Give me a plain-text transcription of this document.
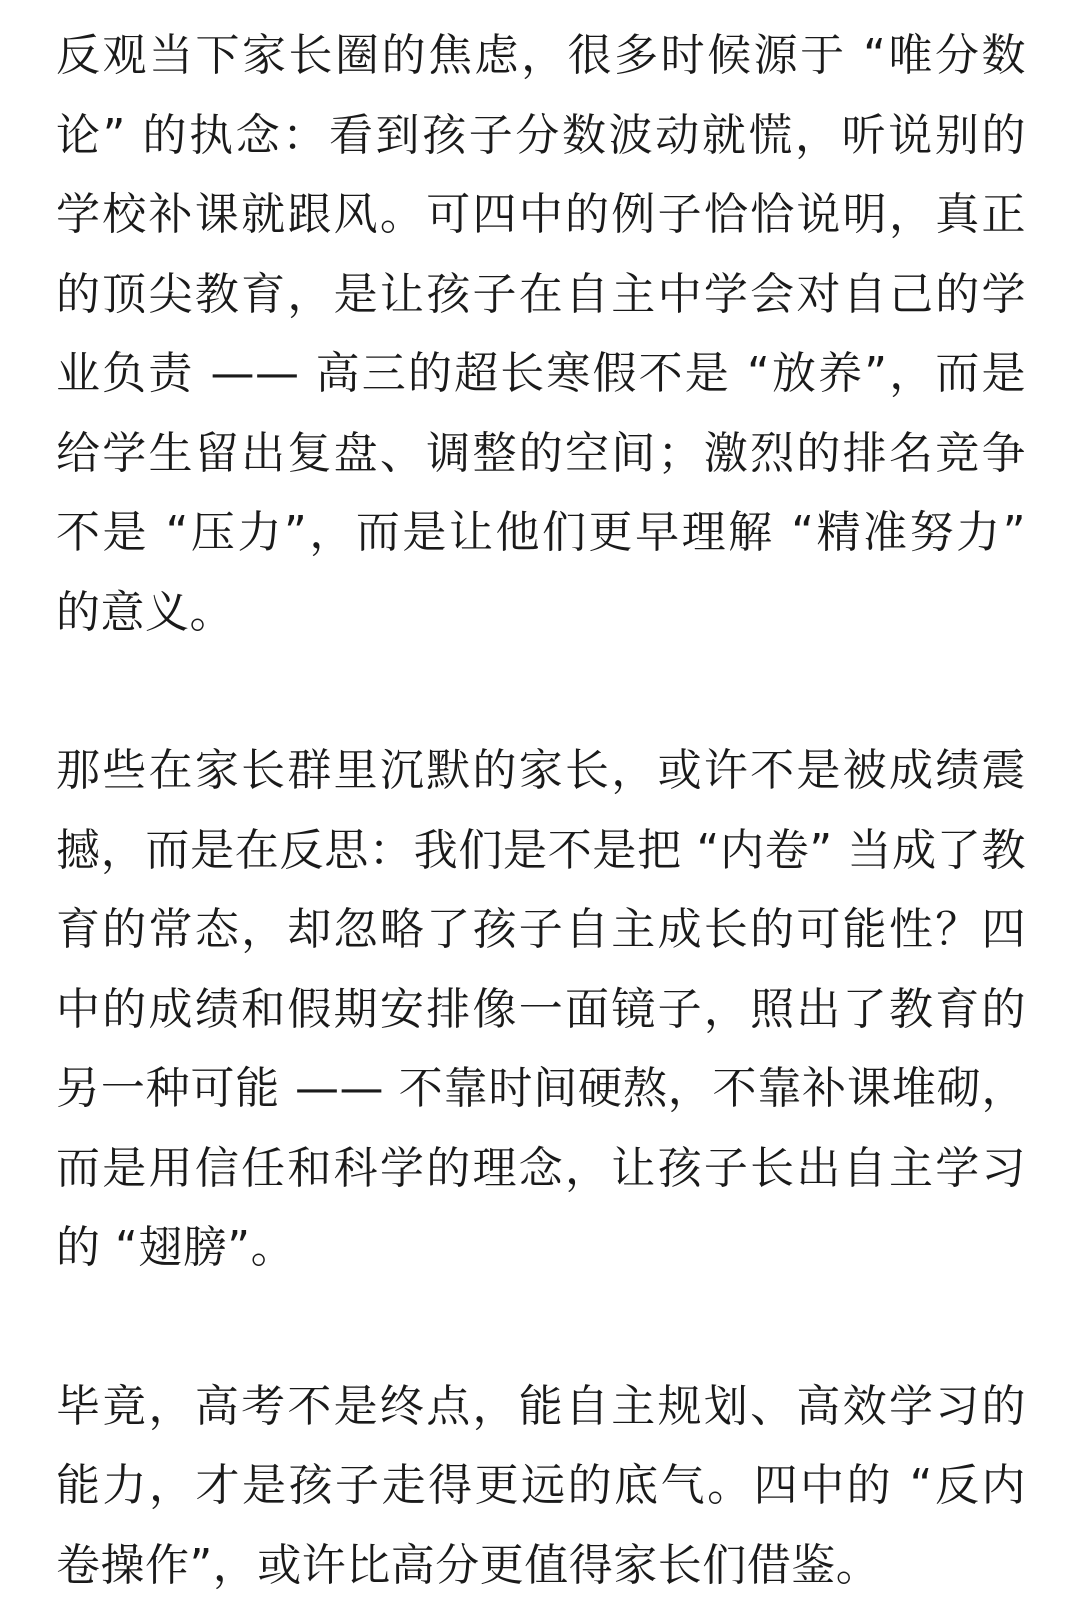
反观当下家长圈的焦虑，很多时候源于 “唯分数论” 的执念：看到孩子分数波动就慌，听说别的学校补课就跟风。可四中的例子恰恰说明，真正的顶尖教育，是让孩子在自主中学会对自己的学业负责 —— 高三的超长寒假不是 “放养”，而是给学生留出复盘、调整的空间；激烈的排名竞争不是 “压力”，而是让他们更早理解 “精准努力” 的意义。

那些在家长群里沉默的家长，或许不是被成绩震撼，而是在反思：我们是不是把 “内卷” 当成了教育的常态，却忽略了孩子自主成长的可能性？四中的成绩和假期安排像一面镜子，照出了教育的另一种可能 —— 不靠时间硬熬，不靠补课堆砌，而是用信任和科学的理念，让孩子长出自主学习的 “翅膀”。

毕竟，高考不是终点，能自主规划、高效学习的能力，才是孩子走得更远的底气。四中的 “反内卷操作”，或许比高分更值得家长们借鉴。
